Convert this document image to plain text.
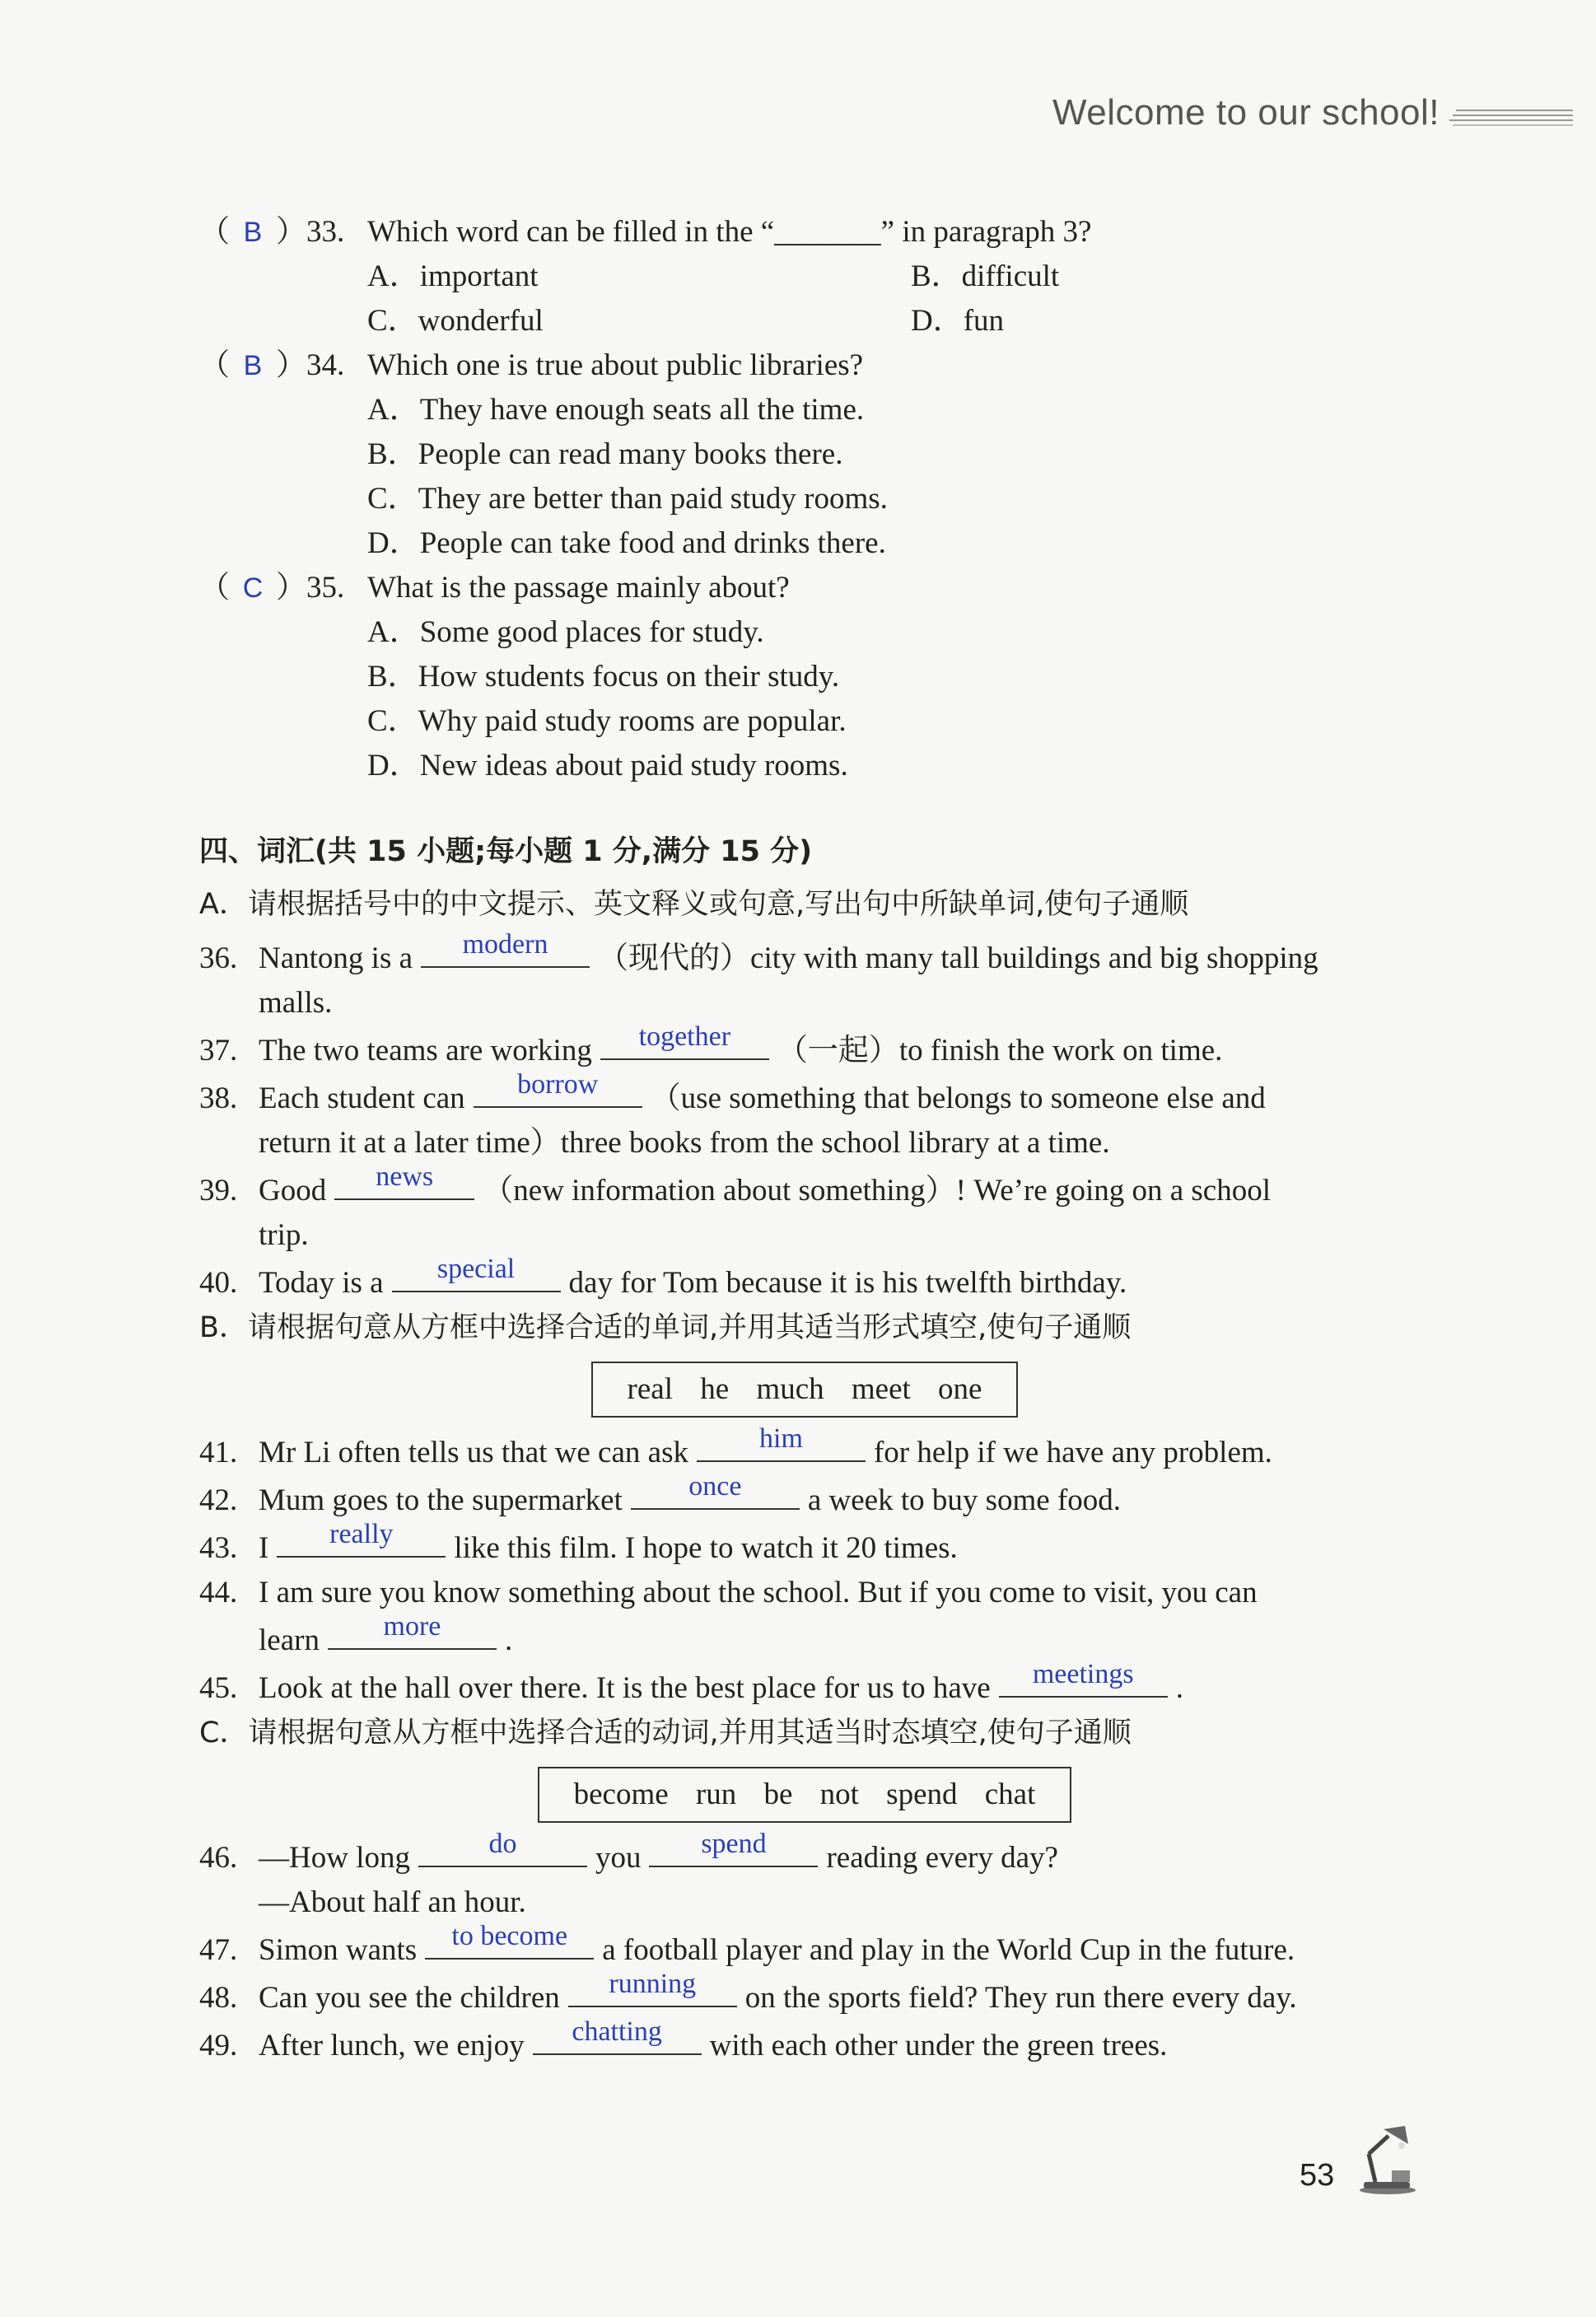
Welcome to our school!
（ B ） 33. Which word can be filled in the “_______” in paragraph 3?
A．important	B．difficult
C．wonderful	D．fun
（ B ） 34. Which one is true about public libraries?
A．They have enough seats all the time.
B．People can read many books there.
C．They are better than paid study rooms.
D．People can take food and drinks there.
（ C ） 35. What is the passage mainly about?
A．Some good places for study.
B．How students focus on their study.
C．Why paid study rooms are popular.
D．New ideas about paid study rooms.
四、词汇(共 15 小题;每小题 1 分,满分 15 分)
A．请根据括号中的中文提示、英文释义或句意,写出句中所缺单词,使句子通顺
36. Nantong is a	modern	（现代的）city with many tall buildings and big shopping
malls.
37. The two teams are working	together	（一起）to finish the work on time.
38. Each student can	borrow	（use something that belongs to someone else and
return it at a later time）three books from the school library at a time.
39. Good	news	（new information about something）! We’re going on a school
trip.
40. Today is a	special	day for Tom because it is his twelfth birthday.
B．请根据句意从方框中选择合适的单词,并用其适当形式填空,使句子通顺
real he much meet one
41. Mr Li often tells us that we can ask	him	for help if we have any problem.
42. Mum goes to the supermarket	once	a week to buy some food.
43. I	really	like this film. I hope to watch it 20 times.
44. I am sure you know something about the school. But if you come to visit, you can
learn	more	.
45. Look at the hall over there. It is the best place for us to have	meetings	.
C．请根据句意从方框中选择合适的动词,并用其适当时态填空,使句子通顺
become run be not spend chat
46. —How long	do	you	spend	reading every day?
—About half an hour.
47. Simon wants	to become	a football player and play in the World Cup in the future.
48. Can you see the children	running	on the sports field? They run there every day.
49. After lunch, we enjoy	chatting	with each other under the green trees.
53
